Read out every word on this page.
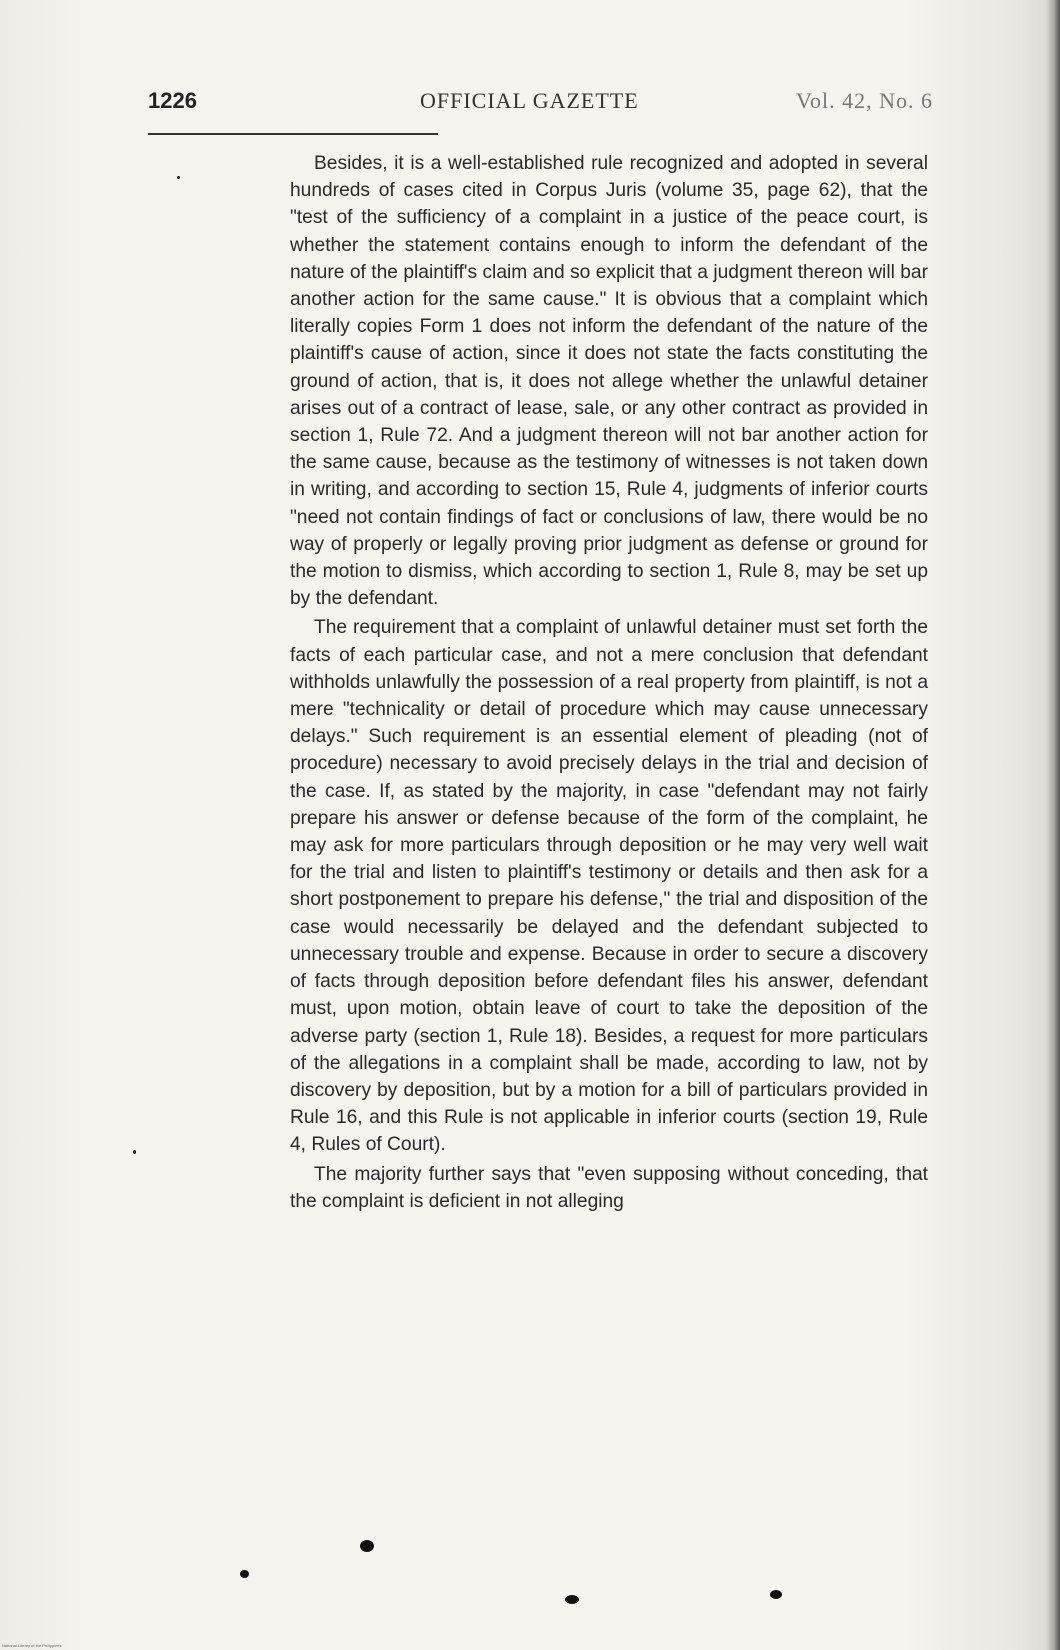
1226	OFFICIAL GAZETTE	Vol. 42, No. 6

Besides, it is a well-established rule recognized and adopted in several hundreds of cases cited in Corpus Juris (volume 35, page 62), that the "test of the sufficiency of a complaint in a justice of the peace court, is whether the statement contains enough to inform the defendant of the nature of the plaintiff's claim and so explicit that a judgment thereon will bar another action for the same cause." It is obvious that a complaint which literally copies Form 1 does not inform the defendant of the nature of the plaintiff's cause of action, since it does not state the facts constituting the ground of action, that is, it does not allege whether the unlawful detainer arises out of a contract of lease, sale, or any other contract as provided in section 1, Rule 72. And a judgment thereon will not bar another action for the same cause, because as the testimony of witnesses is not taken down in writing, and according to section 15, Rule 4, judgments of inferior courts "need not contain findings of fact or conclusions of law, there would be no way of properly or legally proving prior judgment as defense or ground for the motion to dismiss, which according to section 1, Rule 8, may be set up by the defendant.

The requirement that a complaint of unlawful detainer must set forth the facts of each particular case, and not a mere conclusion that defendant withholds unlawfully the possession of a real property from plaintiff, is not a mere "technicality or detail of procedure which may cause unnecessary delays." Such requirement is an essential element of pleading (not of procedure) necessary to avoid precisely delays in the trial and decision of the case. If, as stated by the majority, in case "defendant may not fairly prepare his answer or defense because of the form of the complaint, he may ask for more particulars through deposition or he may very well wait for the trial and listen to plaintiff's testimony or details and then ask for a short postponement to prepare his defense," the trial and disposition of the case would necessarily be delayed and the defendant subjected to unnecessary trouble and expense. Because in order to secure a discovery of facts through deposition before defendant files his answer, defendant must, upon motion, obtain leave of court to take the deposition of the adverse party (section 1, Rule 18). Besides, a request for more particulars of the allegations in a complaint shall be made, according to law, not by discovery by deposition, but by a motion for a bill of particulars provided in Rule 16, and this Rule is not applicable in inferior courts (section 19, Rule 4, Rules of Court).

The majority further says that "even supposing without conceding, that the complaint is deficient in not alleging

National Library of the Philippines
